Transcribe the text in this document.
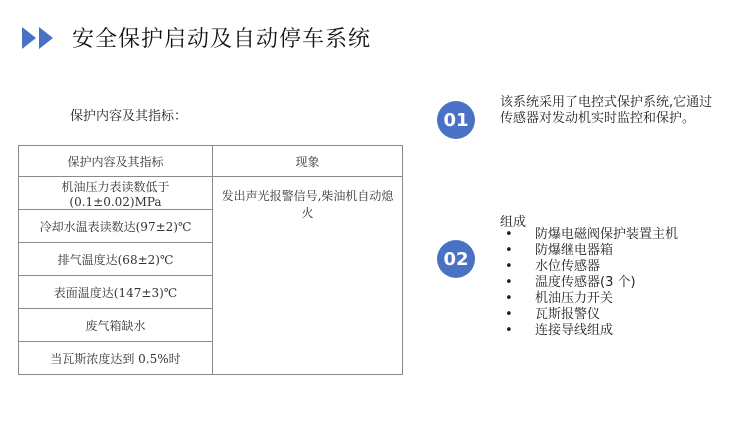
安全保护启动及自动停车系统
保护内容及其指标：
保护内容及其指标	现象
机油压力表读数低于(0.1±0.02)MPa	发出声光报警信号,柴油机自动熄火
冷却水温表读数达(97±2)℃	
排气温度达(68±2)℃	
表面温度达(147±3)℃	
废气箱缺水	
当瓦斯浓度达到 0.5%时	
01
该系统采用了电控式保护系统,它通过传感器对发动机实时监控和保护。
02
组成
• 防爆电磁阀保护装置主机
• 防爆继电器箱
• 水位传感器
• 温度传感器(3 个)
• 机油压力开关
• 瓦斯报警仪
• 连接导线组成
